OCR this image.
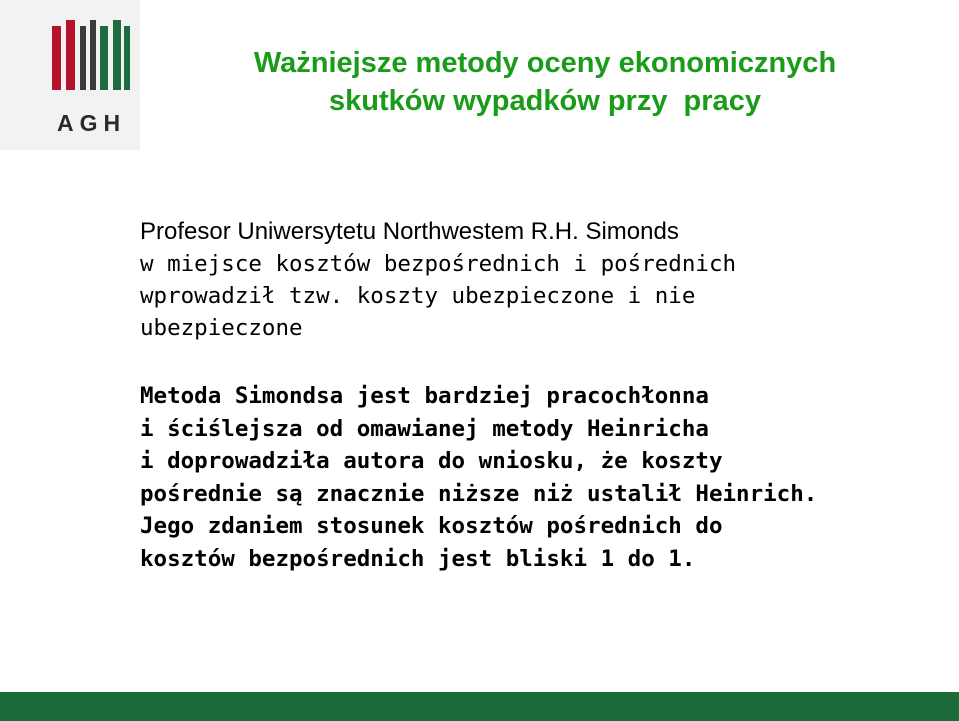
AGH
Ważniejsze metody oceny ekonomicznych
skutków wypadków przy  pracy
Profesor Uniwersytetu Northwestem R.H. Simonds
w miejsce kosztów bezpośrednich i pośrednich
wprowadził tzw. koszty ubezpieczone i nie
ubezpieczone
Metoda Simondsa jest bardziej pracochłonna
i ściślejsza od omawianej metody Heinricha
i doprowadziła autora do wniosku, że koszty
pośrednie są znacznie niższe niż ustalił Heinrich.
Jego zdaniem stosunek kosztów pośrednich do
kosztów bezpośrednich jest bliski 1 do 1.
